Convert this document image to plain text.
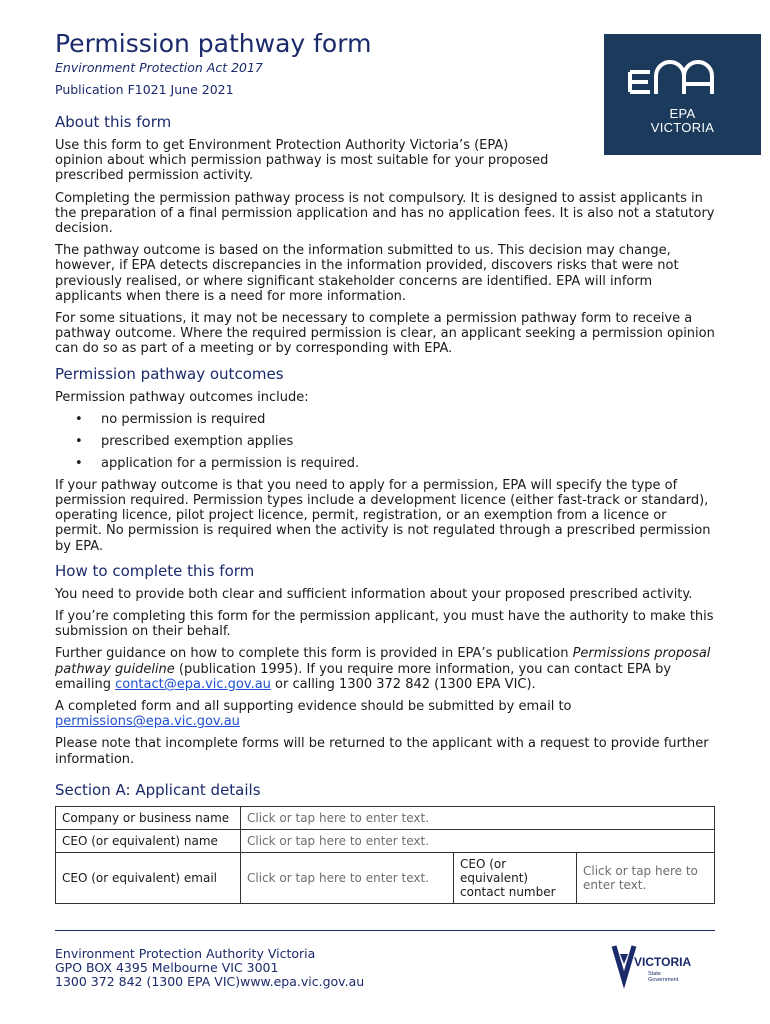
Permission pathway form
Environment Protection Act 2017
Publication F1021 June 2021
About this form

Use this form to get Environment Protection Authority Victoria’s (EPA) opinion about which permission pathway is most suitable for your proposed prescribed permission activity.

Completing the permission pathway process is not compulsory. It is designed to assist applicants in the preparation of a final permission application and has no application fees. It is also not a statutory decision.

The pathway outcome is based on the information submitted to us. This decision may change, however, if EPA detects discrepancies in the information provided, discovers risks that were not previously realised, or where significant stakeholder concerns are identified. EPA will inform applicants when there is a need for more information.

For some situations, it may not be necessary to complete a permission pathway form to receive a pathway outcome. Where the required permission is clear, an applicant seeking a permission opinion can do so as part of a meeting or by corresponding with EPA.

Permission pathway outcomes

Permission pathway outcomes include:

• no permission is required
• prescribed exemption applies
• application for a permission is required.

If your pathway outcome is that you need to apply for a permission, EPA will specify the type of permission required. Permission types include a development licence (either fast-track or standard), operating licence, pilot project licence, permit, registration, or an exemption from a licence or permit. No permission is required when the activity is not regulated through a prescribed permission by EPA.

How to complete this form

You need to provide both clear and sufficient information about your proposed prescribed activity.

If you’re completing this form for the permission applicant, you must have the authority to make this submission on their behalf.

Further guidance on how to complete this form is provided in EPA’s publication Permissions proposal pathway guideline (publication 1995). If you require more information, you can contact EPA by emailing contact@epa.vic.gov.au or calling 1300 372 842 (1300 EPA VIC).

A completed form and all supporting evidence should be submitted by email to permissions@epa.vic.gov.au

Please note that incomplete forms will be returned to the applicant with a request to provide further information.

Section A: Applicant details
Company or business name	Click or tap here to enter text.		
CEO (or equivalent) name	Click or tap here to enter text.		
CEO (or equivalent) email	Click or tap here to enter text.	CEO (or equivalent) contact number	Click or tap here to enter text.
EPA
VICTORIA
Environment Protection Authority Victoria
GPO BOX 4395 Melbourne VIC 3001
1300 372 842 (1300 EPA VIC)www.epa.vic.gov.au
VICTORIA
State
Government
